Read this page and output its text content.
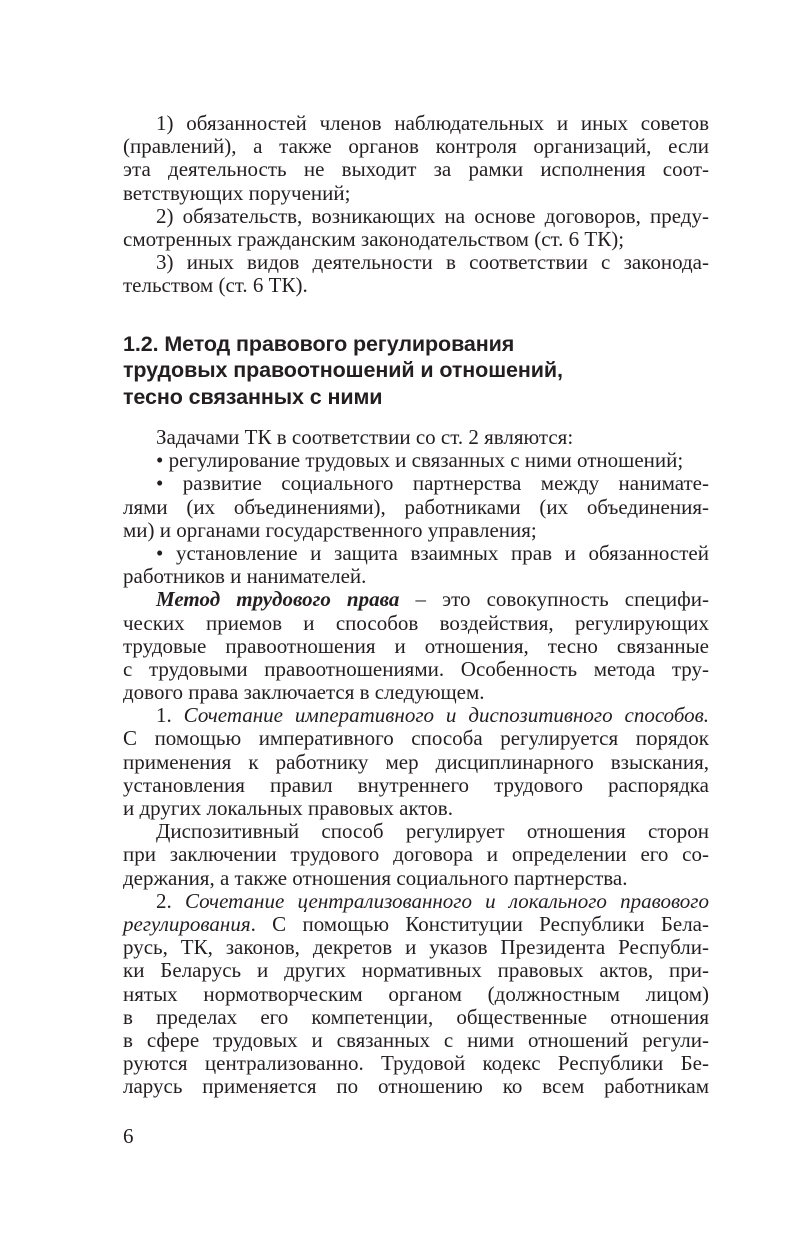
1) обязанностей членов наблюдательных и иных советов
(правлений), а также органов контроля организаций, если
эта деятельность не выходит за рамки исполнения соот-
ветствующих поручений;
2) обязательств, возникающих на основе договоров, преду-
смотренных гражданским законодательством (ст. 6 ТК);
3) иных видов деятельности в соответствии с законода-
тельством (ст. 6 ТК).
1.2. Метод правового регулирования
трудовых правоотношений и отношений,
тесно связанных с ними
Задачами ТК в соответствии со ст. 2 являются:
• регулирование трудовых и связанных с ними отношений;
• развитие социального партнерства между нанимате-
лями (их объединениями), работниками (их объединения-
ми) и органами государственного управления;
• установление и защита взаимных прав и обязанностей
работников и нанимателей.
Метод трудового права – это совокупность специфи-
ческих приемов и способов воздействия, регулирующих
трудовые правоотношения и отношения, тесно связанные
с трудовыми правоотношениями. Особенность метода тру-
дового права заключается в следующем.
1. Сочетание императивного и диспозитивного способов.
С помощью императивного способа регулируется порядок
применения к работнику мер дисциплинарного взыскания,
установления правил внутреннего трудового распорядка
и других локальных правовых актов.
Диспозитивный способ регулирует отношения сторон
при заключении трудового договора и определении его со-
держания, а также отношения социального партнерства.
2. Сочетание централизованного и локального правового
регулирования. С помощью Конституции Республики Бела-
русь, ТК, законов, декретов и указов Президента Республи-
ки Беларусь и других нормативных правовых актов, при-
нятых нормотворческим органом (должностным лицом)
в пределах его компетенции, общественные отношения
в сфере трудовых и связанных с ними отношений регули-
руются централизованно. Трудовой кодекс Республики Бе-
ларусь применяется по отношению ко всем работникам
6
